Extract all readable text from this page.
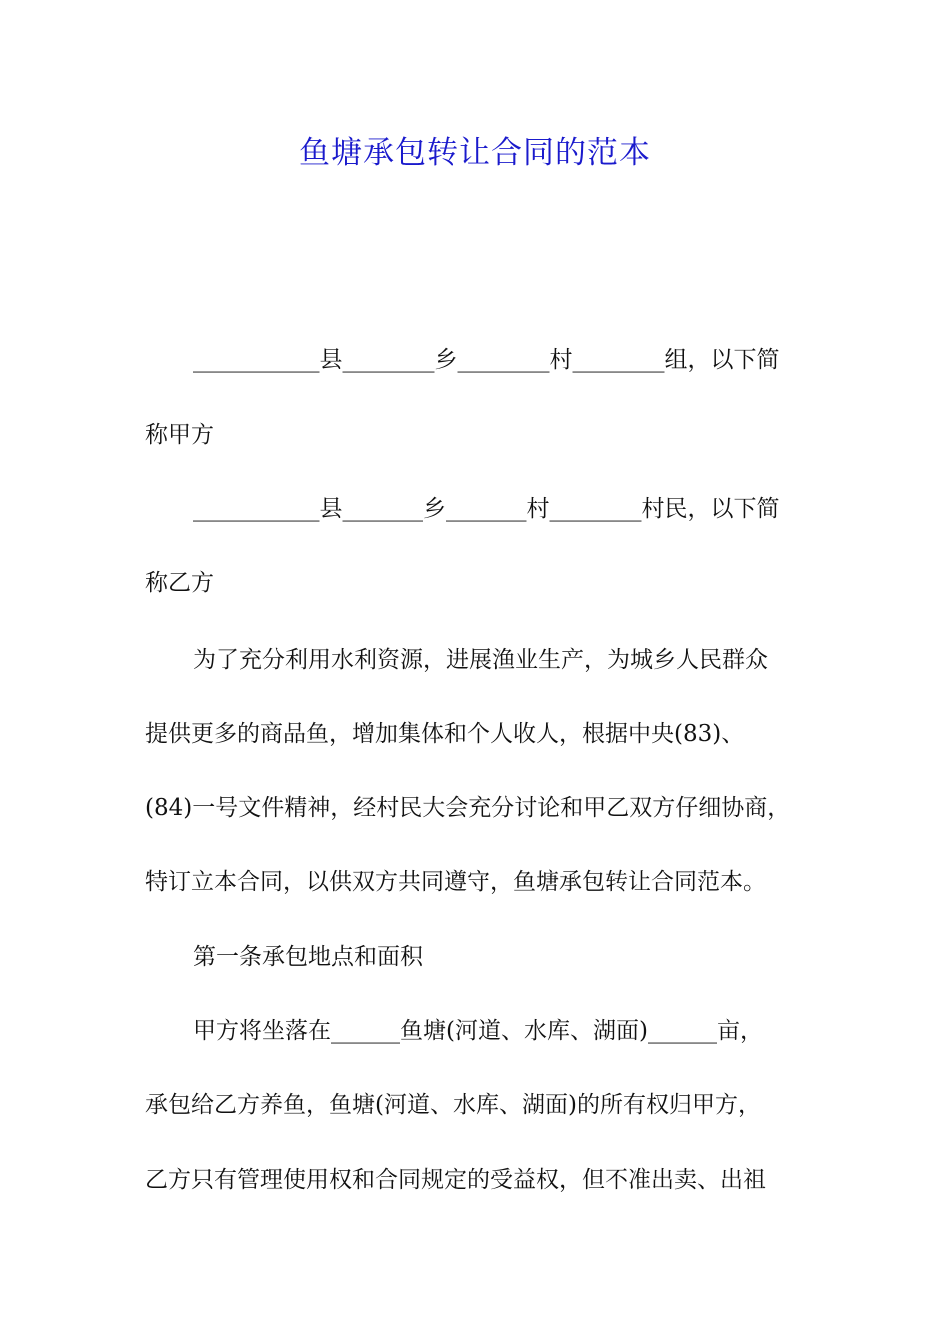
鱼塘承包转让合同的范本
___________县________乡________村________组，以下简
称甲方
___________县_______乡_______村________村民，以下简
称乙方
为了充分利用水利资源，进展渔业生产，为城乡人民群众
提供更多的商品鱼，增加集体和个人收人，根据中央(83)、
(84)一号文件精神，经村民大会充分讨论和甲乙双方仔细协商，
特订立本合同，以供双方共同遵守，鱼塘承包转让合同范本。
第一条承包地点和面积
甲方将坐落在______鱼塘(河道、水库、湖面)______亩，
承包给乙方养鱼，鱼塘(河道、水库、湖面)的所有权归甲方，
乙方只有管理使用权和合同规定的受益权，但不准出卖、出祖
